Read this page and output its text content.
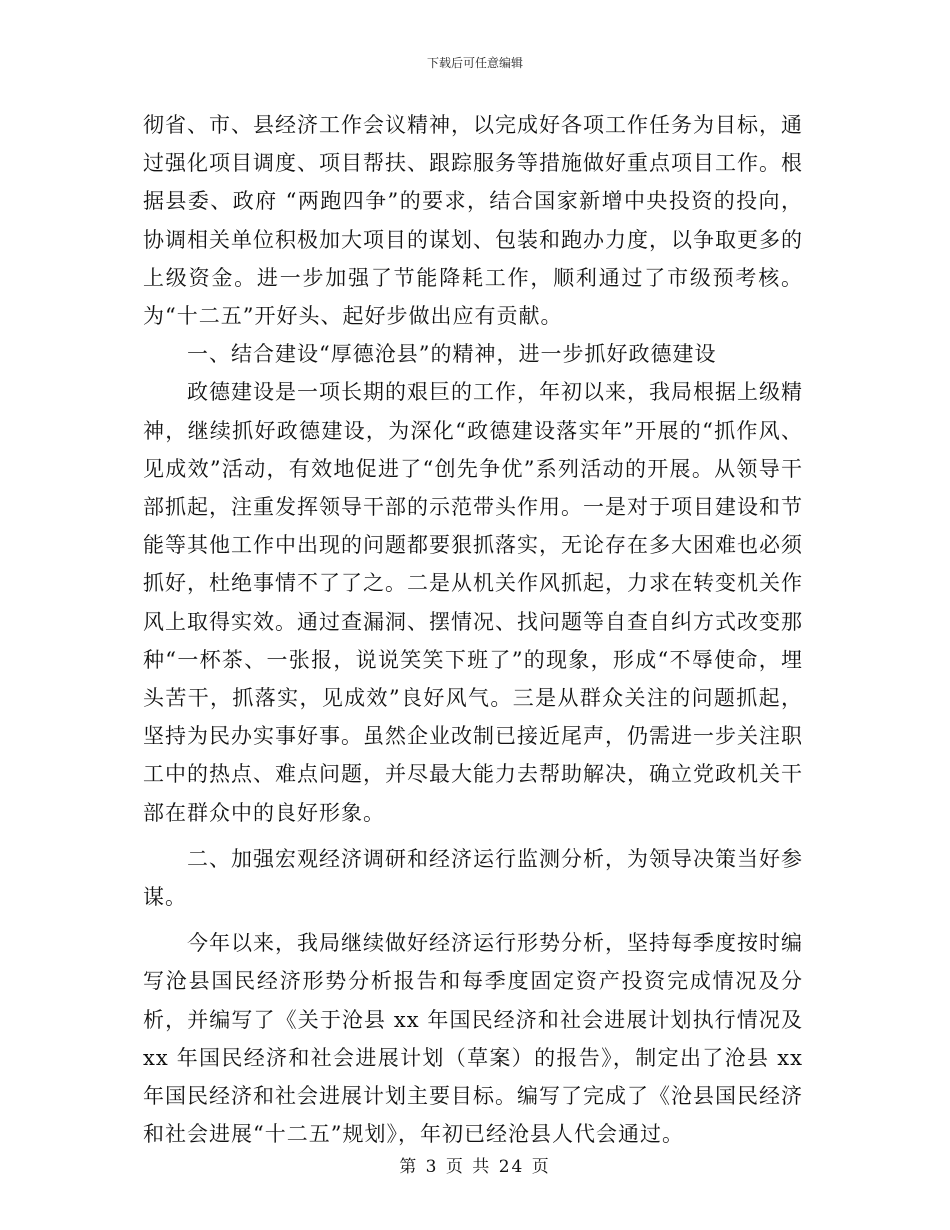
下载后可任意编辑

彻省、市、县经济工作会议精神，以完成好各项工作任务为目标，通过强化项目调度、项目帮扶、跟踪服务等措施做好重点项目工作。根据县委、政府 “两跑四争”的要求，结合国家新增中央投资的投向，协调相关单位积极加大项目的谋划、包装和跑办力度，以争取更多的上级资金。进一步加强了节能降耗工作，顺利通过了市级预考核。为“十二五”开好头、起好步做出应有贡献。

一、结合建设“厚德沧县”的精神，进一步抓好政德建设

政德建设是一项长期的艰巨的工作，年初以来，我局根据上级精神，继续抓好政德建设，为深化“政德建设落实年”开展的“抓作风、见成效”活动，有效地促进了“创先争优”系列活动的开展。从领导干部抓起，注重发挥领导干部的示范带头作用。一是对于项目建设和节能等其他工作中出现的问题都要狠抓落实，无论存在多大困难也必须抓好，杜绝事情不了了之。二是从机关作风抓起，力求在转变机关作风上取得实效。通过查漏洞、摆情况、找问题等自查自纠方式改变那种“一杯茶、一张报，说说笑笑下班了”的现象，形成“不辱使命，埋头苦干，抓落实，见成效”良好风气。三是从群众关注的问题抓起，坚持为民办实事好事。虽然企业改制已接近尾声，仍需进一步关注职工中的热点、难点问题，并尽最大能力去帮助解决，确立党政机关干部在群众中的良好形象。

二、加强宏观经济调研和经济运行监测分析，为领导决策当好参谋。

今年以来，我局继续做好经济运行形势分析，坚持每季度按时编写沧县国民经济形势分析报告和每季度固定资产投资完成情况及分析，并编写了《关于沧县 xx 年国民经济和社会进展计划执行情况及 xx 年国民经济和社会进展计划（草案）的报告》，制定出了沧县 xx 年国民经济和社会进展计划主要目标。编写了完成了《沧县国民经济和社会进展“十二五”规划》，年初已经沧县人代会通过。

第 3 页 共 24 页
